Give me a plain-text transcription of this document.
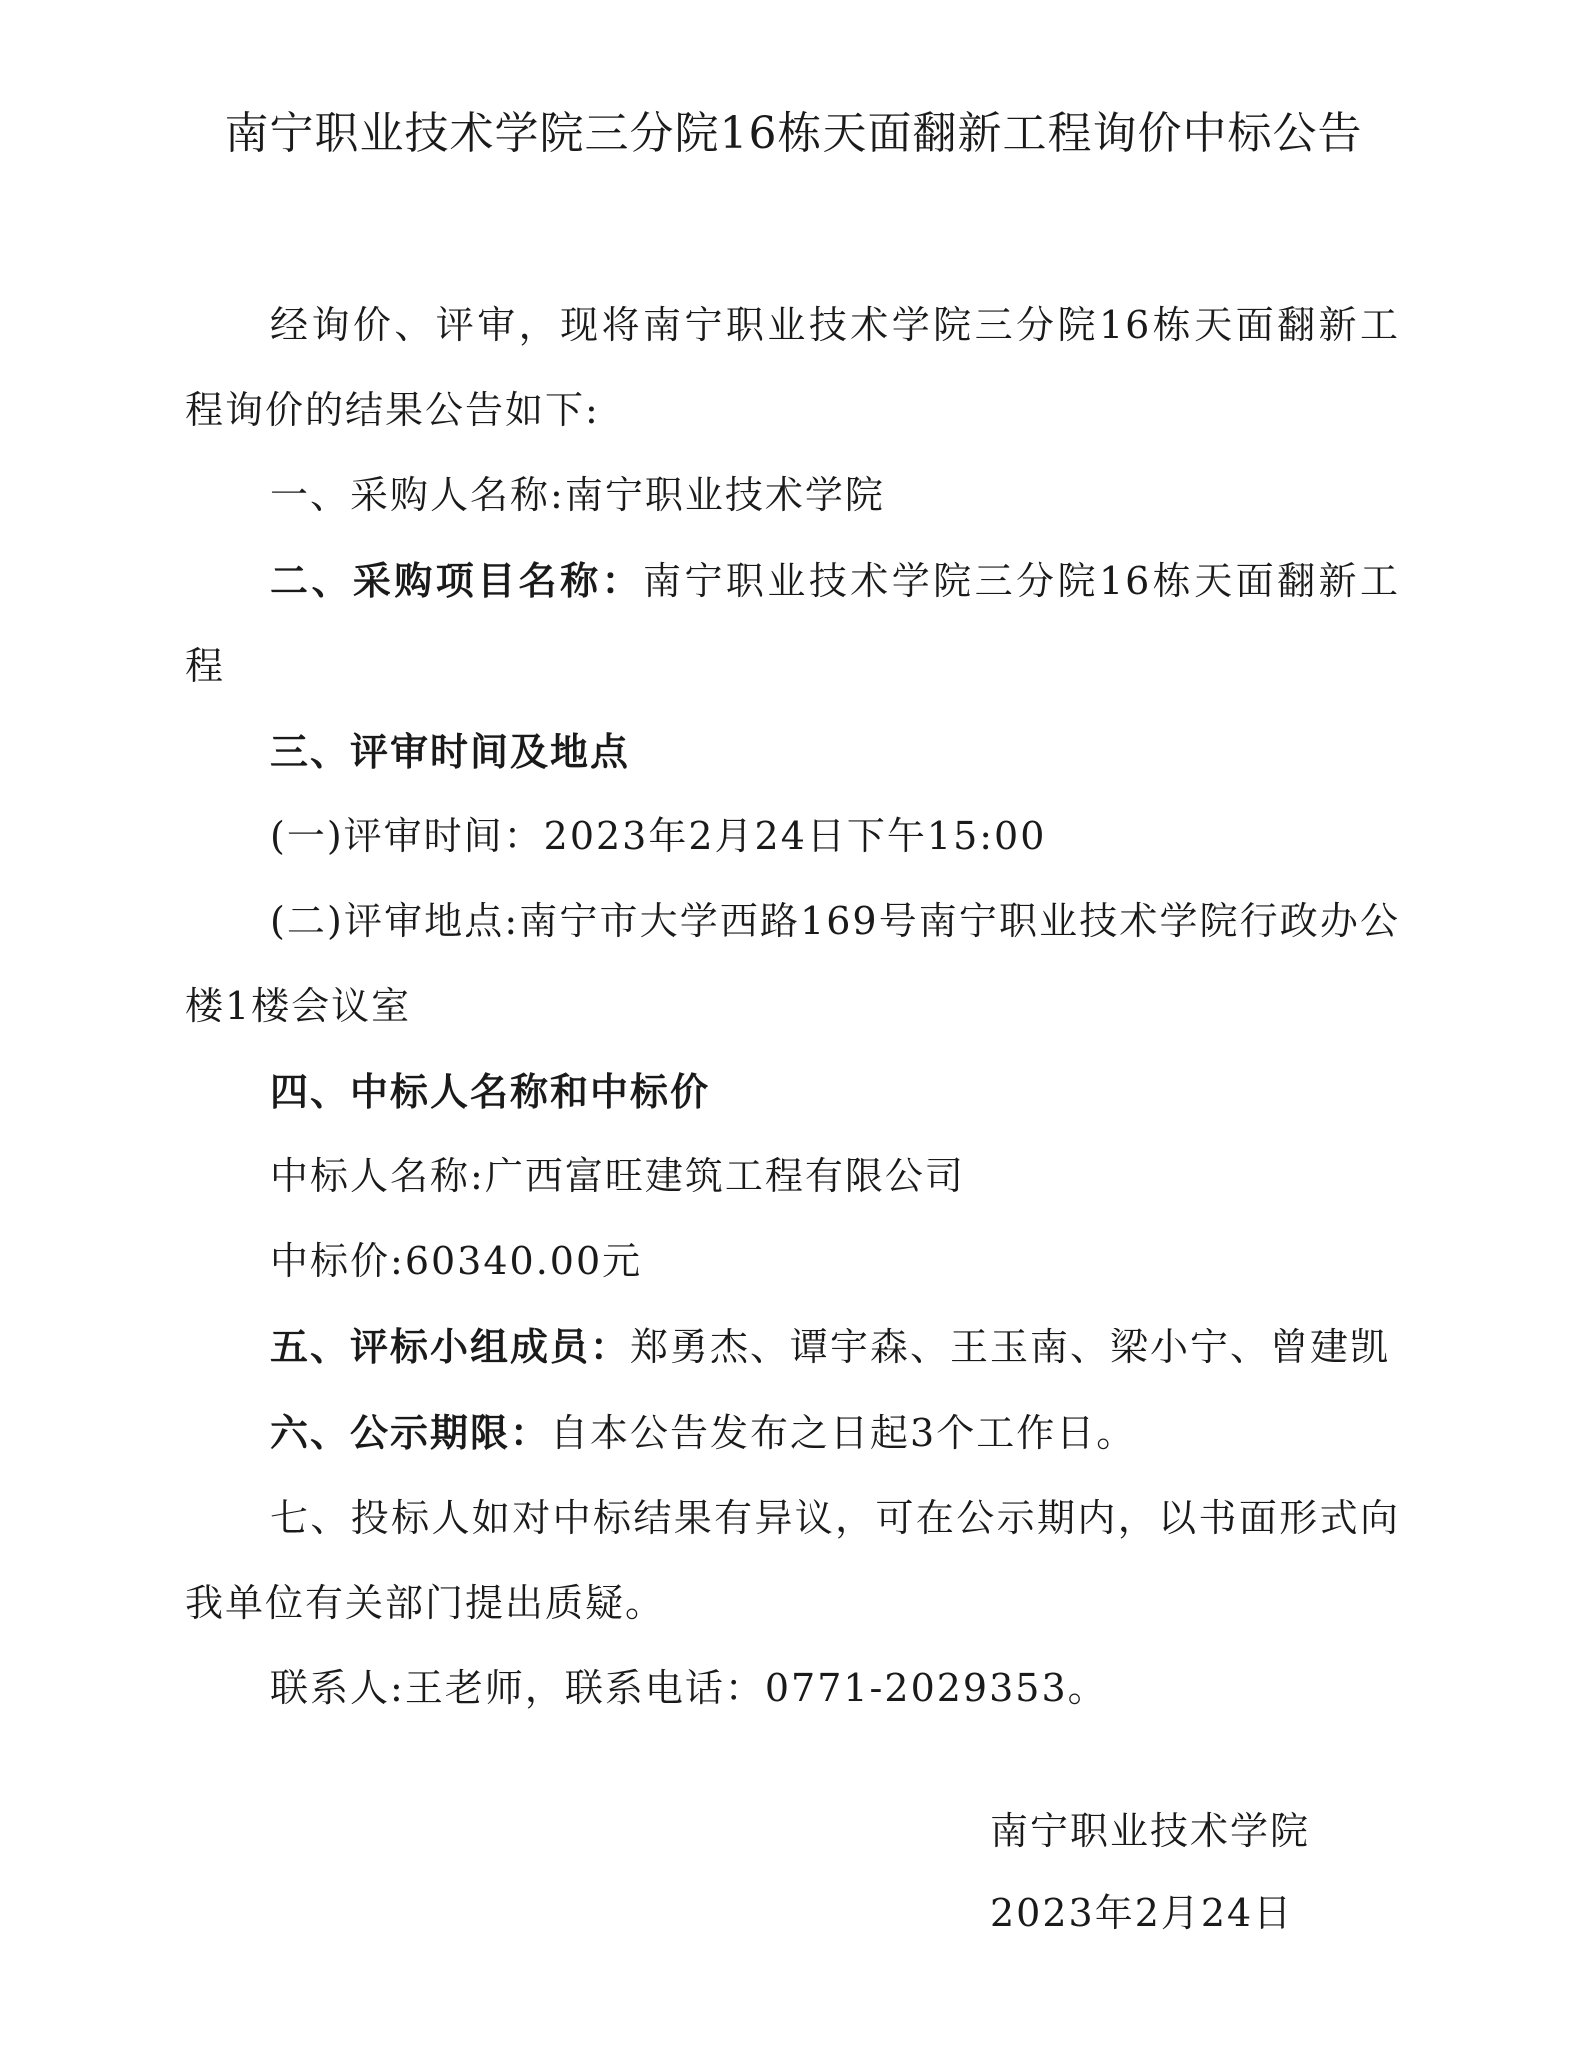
南宁职业技术学院三分院16栋天面翻新工程询价中标公告

经询价、评审，现将南宁职业技术学院三分院16栋天面翻新工程询价的结果公告如下:

一、采购人名称:南宁职业技术学院

二、采购项目名称：南宁职业技术学院三分院16栋天面翻新工程

三、评审时间及地点

(一)评审时间：2023年2月24日下午15:00

(二)评审地点:南宁市大学西路169号南宁职业技术学院行政办公楼1楼会议室

四、中标人名称和中标价

中标人名称:广西富旺建筑工程有限公司

中标价:60340.00元

五、评标小组成员：郑勇杰、谭宇森、王玉南、梁小宁、曾建凯

六、公示期限：自本公告发布之日起3个工作日。

七、投标人如对中标结果有异议，可在公示期内，以书面形式向我单位有关部门提出质疑。

联系人:王老师，联系电话：0771-2029353。

南宁职业技术学院
2023年2月24日
